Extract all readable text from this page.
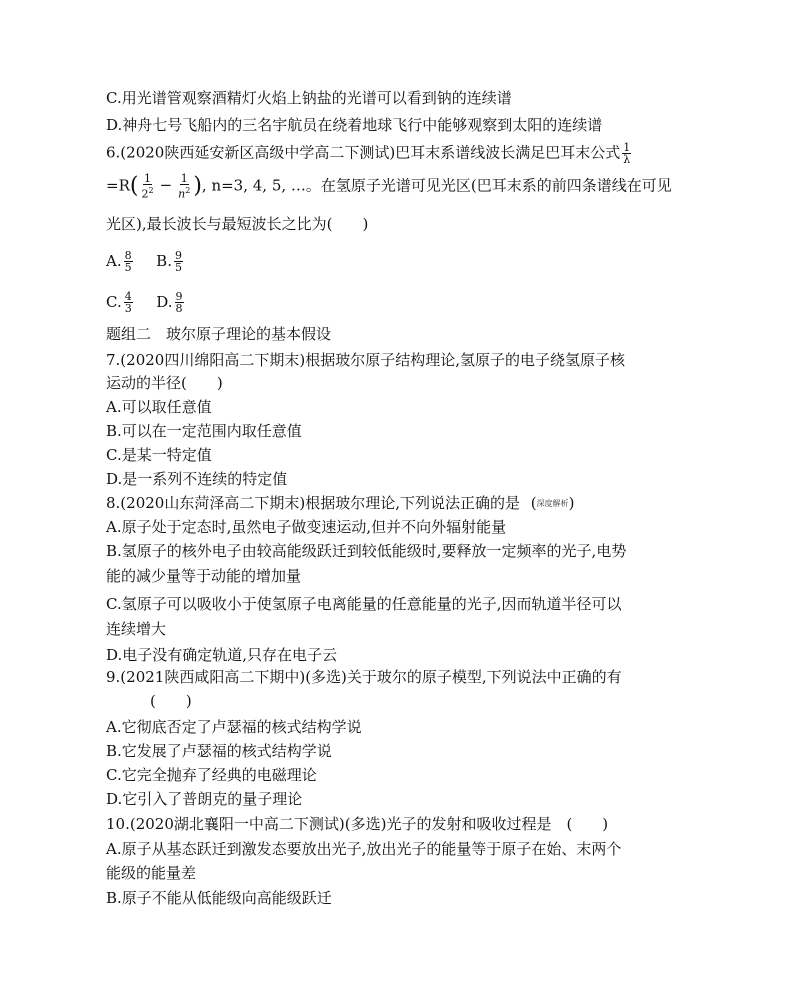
C.用光谱管观察酒精灯火焰上钠盐的光谱可以看到钠的连续谱
D.神舟七号飞船内的三名宇航员在绕着地球飞行中能够观察到太阳的连续谱
6.(2020陕西延安新区高级中学高二下测试)巴耳末系谱线波长满足巴耳末公式 $\frac{1}{\lambda}$
$=R( \frac{1}{2^2} - \frac{1}{n^2}$ ), n=3, 4, 5, …。在氢原子光谱可见光区(巴耳末系的前四条谱线在可见
光区),最长波长与最短波长之比为(　　)
A. $\frac{8}{5} B$. $\frac{9}{5}$
C. $\frac{4}{3} D$. $\frac{9}{8}$
题组二　玻尔原子理论的基本假设
7.(2020四川绵阳高二下期末)根据玻尔原子结构理论,氢原子的电子绕氢原子核
运动的半径(　　)
A.可以取任意值
B.可以在一定范围内取任意值
C.是某一特定值
D.是一系列不连续的特定值
8.(2020山东菏泽高二下期末)根据玻尔理论,下列说法正确的是 (深度解析)
A.原子处于定态时,虽然电子做变速运动,但并不向外辐射能量
B.氢原子的核外电子由较高能级跃迁到较低能级时,要释放一定频率的光子,电势
能的减少量等于动能的增加量
C.氢原子可以吸收小于使氢原子电离能量的任意能量的光子,因而轨道半径可以
连续增大
D.电子没有确定轨道,只存在电子云
9.(2021陕西咸阳高二下期中)(多选)关于玻尔的原子模型,下列说法中正确的有
(　　)
A.它彻底否定了卢瑟福的核式结构学说
B.它发展了卢瑟福的核式结构学说
C.它完全抛弃了经典的电磁理论
D.它引入了普朗克的量子理论
10.(2020湖北襄阳一中高二下测试)(多选)光子的发射和吸收过程是　(　　)
A.原子从基态跃迁到激发态要放出光子,放出光子的能量等于原子在始、末两个
能级的能量差
B.原子不能从低能级向高能级跃迁
